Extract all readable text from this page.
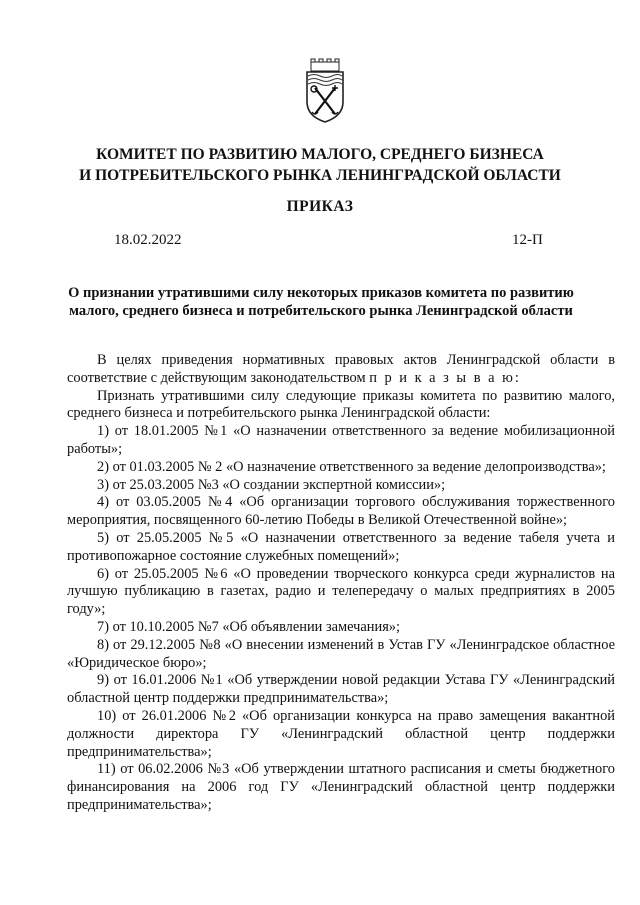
КОМИТЕТ ПО РАЗВИТИЮ МАЛОГО, СРЕДНЕГО БИЗНЕСА
И ПОТРЕБИТЕЛЬСКОГО РЫНКА ЛЕНИНГРАДСКОЙ ОБЛАСТИ
ПРИКАЗ
18.02.2022	12-П
О признании утратившими силу некоторых приказов комитета по развитию
малого, среднего бизнеса и потребительского рынка Ленинградской области

В целях приведения нормативных правовых актов Ленинградской области в соответствие с действующим законодательством п р и к а з ы в а ю:

Признать утратившими силу следующие приказы комитета по развитию малого, среднего бизнеса и потребительского рынка Ленинградской области:

1) от 18.01.2005 №1 «О назначении ответственного за ведение мобилизационной работы»;

2) от 01.03.2005 № 2 «О назначение ответственного за ведение делопроизводства»;

3) от 25.03.2005 №3 «О создании экспертной комиссии»;

4) от 03.05.2005 №4 «Об организации торгового обслуживания торжественного мероприятия, посвященного 60-летию Победы в Великой Отечественной войне»;

5) от 25.05.2005 №5 «О назначении ответственного за ведение табеля учета и противопожарное состояние служебных помещений»;

6) от 25.05.2005 №6 «О проведении творческого конкурса среди журналистов на лучшую публикацию в газетах, радио и телепередачу о малых предприятиях в 2005 году»;

7) от 10.10.2005 №7 «Об объявлении замечания»;

8) от 29.12.2005 №8 «О внесении изменений в Устав ГУ «Ленинградское областное «Юридическое бюро»;

9) от 16.01.2006 №1 «Об утверждении новой редакции Устава ГУ «Ленинградский областной центр поддержки предпринимательства»;

10) от 26.01.2006 №2 «Об организации конкурса на право замещения вакантной должности директора ГУ «Ленинградский областной центр поддержки предпринимательства»;

11) от 06.02.2006 №3 «Об утверждении штатного расписания и сметы бюджетного финансирования на 2006 год ГУ «Ленинградский областной центр поддержки предпринимательства»;
